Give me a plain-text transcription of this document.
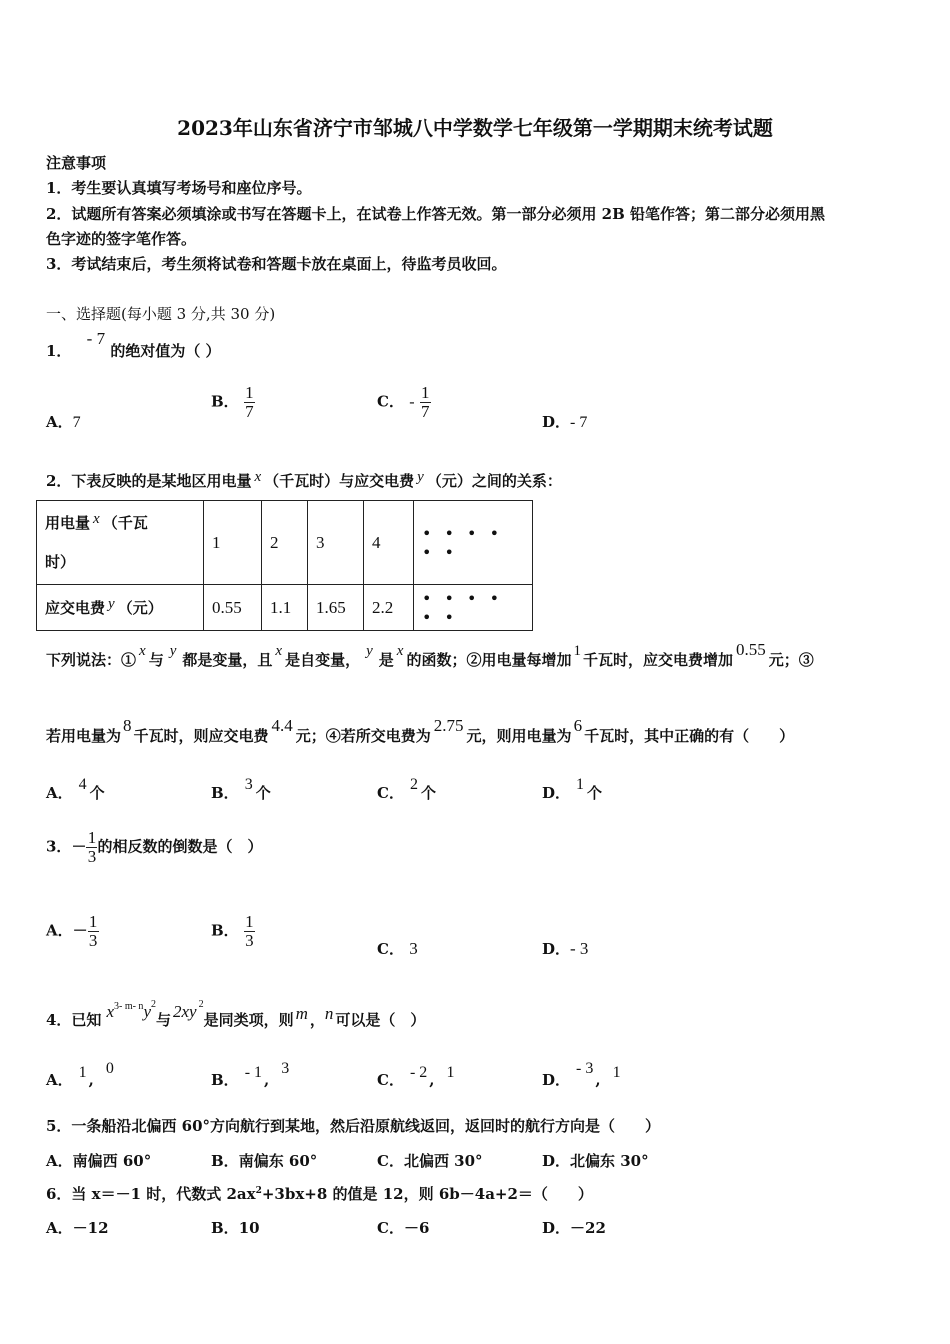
2023年山东省济宁市邹城八中学数学七年级第一学期期末统考试题
注意事项
1．考生要认真填写考场号和座位序号。
2．试题所有答案必须填涂或书写在答题卡上，在试卷上作答无效。第一部分必须用 2B 铅笔作答；第二部分必须用黑
色字迹的签字笔作答。
3．考试结束后，考生须将试卷和答题卡放在桌面上，待监考员收回。
一、选择题(每小题 3 分,共 30 分)
1． - 7 的绝对值为（ ）
A．7
B． $\frac{1}{7}$	C． - $\frac{1}{7}$
D．- 7
2．下表反映的是某地区用电量 x （千瓦时）与应交电费 y （元）之间的关系：
用电量 x （千瓦
时）	1	2	3	4	• • • • • •
应交电费 y （元）	0.55	1.1	1.65	2.2	• • • • • •
下列说法：① x 与 y 都是变量，且 x 是自变量， y 是 x 的函数；②用电量每增加 1 千瓦时，应交电费增加0.55元；③
若用电量为8千瓦时，则应交电费4.4元；④若所交电费为2.75元，则用电量为6千瓦时，其中正确的有（　　）
A． 4 个	B． 3 个	C． 2 个	D． 1 个
3．－ $\frac{1}{3}$ 的相反数的倒数是（　）
A．－ $\frac{1}{3}$	B． $\frac{1}{3}$	C． 3	D．- 3
4．已知 $x^{3- m- n}y^2$与 2xy $^2$是同类项，则 m ，n 可以是（　）
A． 1 ,0
B． - 1 ,3
C． - 2 , 1	D．- 3, 1
5．一条船沿北偏西 60°方向航行到某地，然后沿原航线返回，返回时的航行方向是（　　）
A．南偏西 60°	B．南偏东 60°	C．北偏西 30°	D．北偏东 30°
6．当 x＝－1 时，代数式 $2ax^2+3bx+8$ 的值是 12，则 6b－4a+2＝（　　）
A．－12	B．10	C．－6	D．－22
